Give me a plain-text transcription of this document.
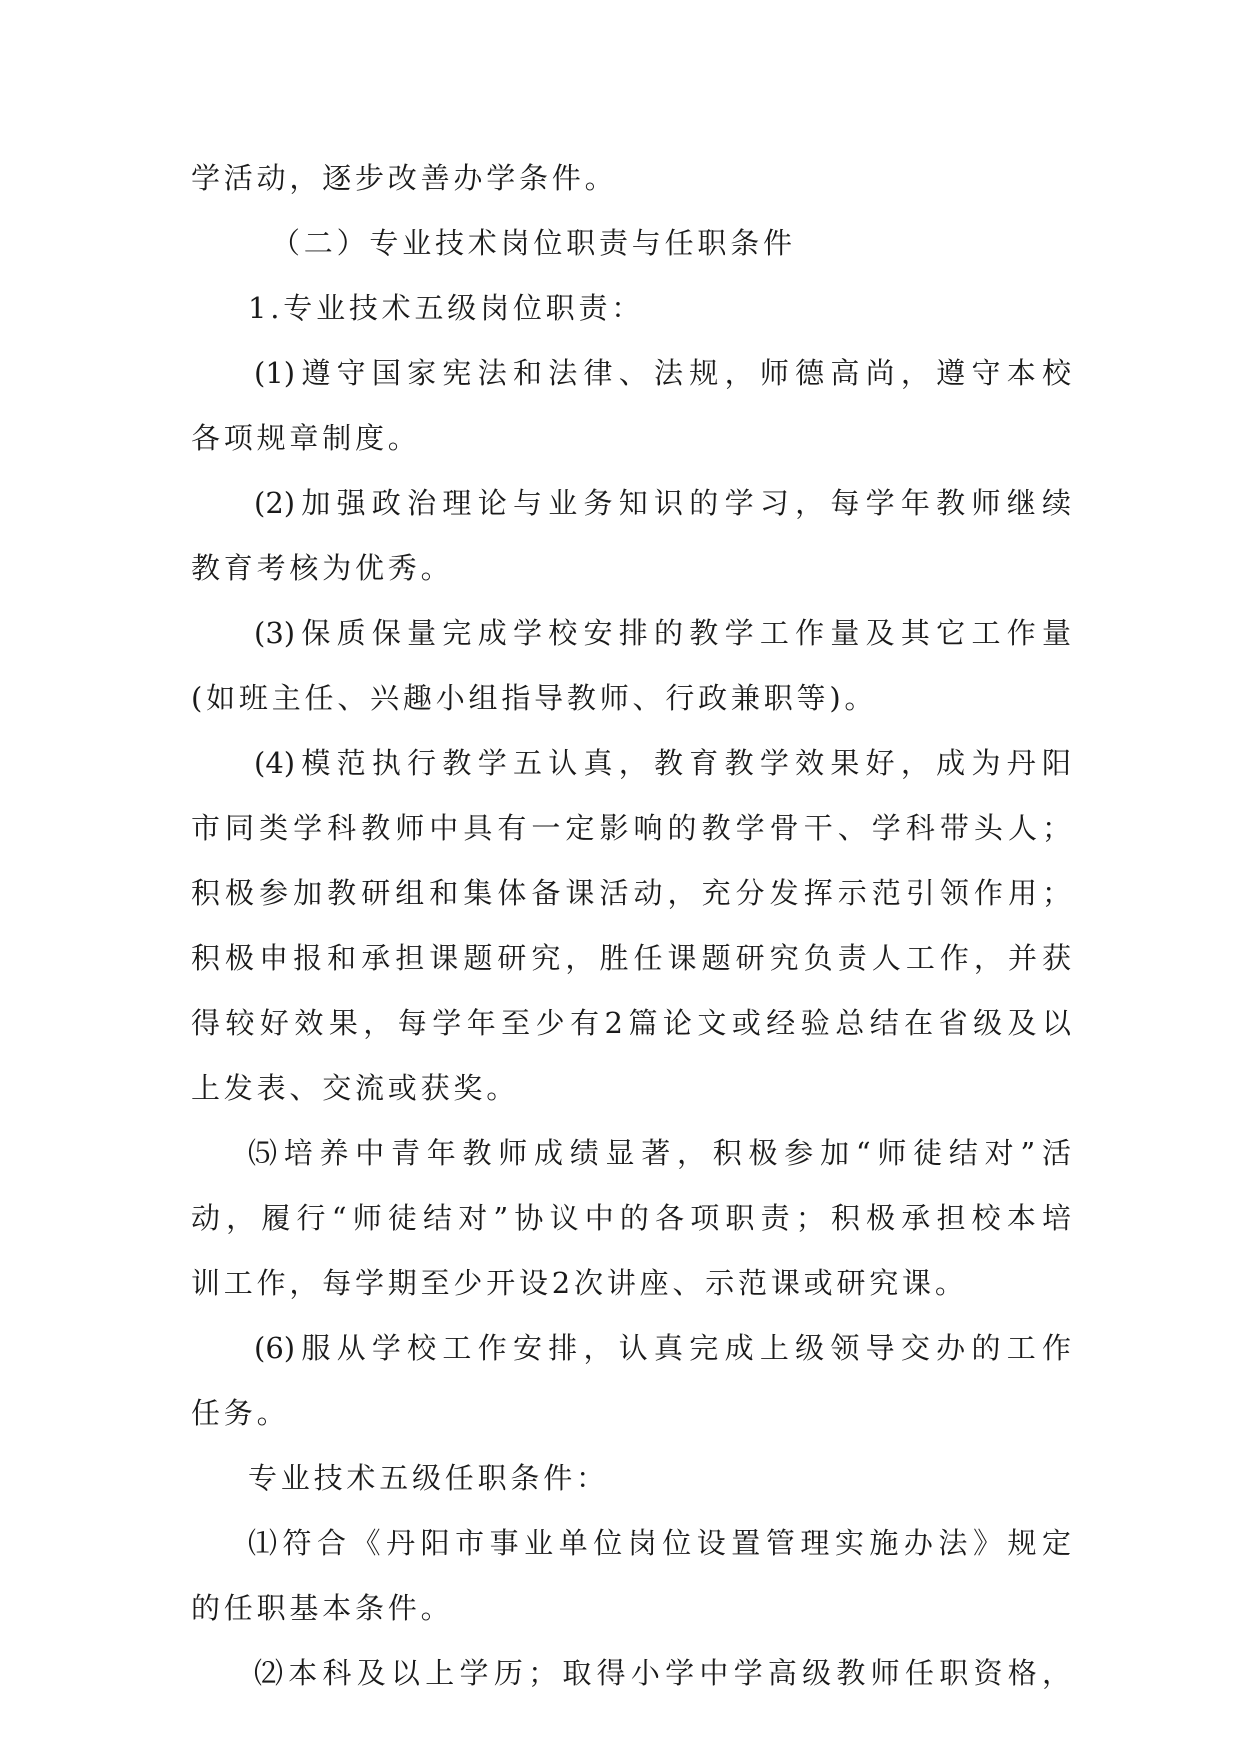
学活动，逐步改善办学条件。
（二）专业技术岗位职责与任职条件
1.专业技术五级岗位职责：
(1)遵守国家宪法和法律、法规，师德高尚，遵守本校
各项规章制度。
(2)加强政治理论与业务知识的学习，每学年教师继续
教育考核为优秀。
(3)保质保量完成学校安排的教学工作量及其它工作量
(如班主任、兴趣小组指导教师、行政兼职等)。
(4)模范执行教学五认真，教育教学效果好，成为丹阳
市同类学科教师中具有一定影响的教学骨干、学科带头人；
积极参加教研组和集体备课活动，充分发挥示范引领作用；
积极申报和承担课题研究，胜任课题研究负责人工作，并获
得较好效果，每学年至少有2篇论文或经验总结在省级及以
上发表、交流或获奖。
⑸培养中青年教师成绩显著，积极参加“师徒结对”活
动，履行“师徒结对”协议中的各项职责；积极承担校本培
训工作，每学期至少开设2次讲座、示范课或研究课。
(6)服从学校工作安排，认真完成上级领导交办的工作
任务。
专业技术五级任职条件：
⑴符合《丹阳市事业单位岗位设置管理实施办法》规定
的任职基本条件。
⑵本科及以上学历；取得小学中学高级教师任职资格，
